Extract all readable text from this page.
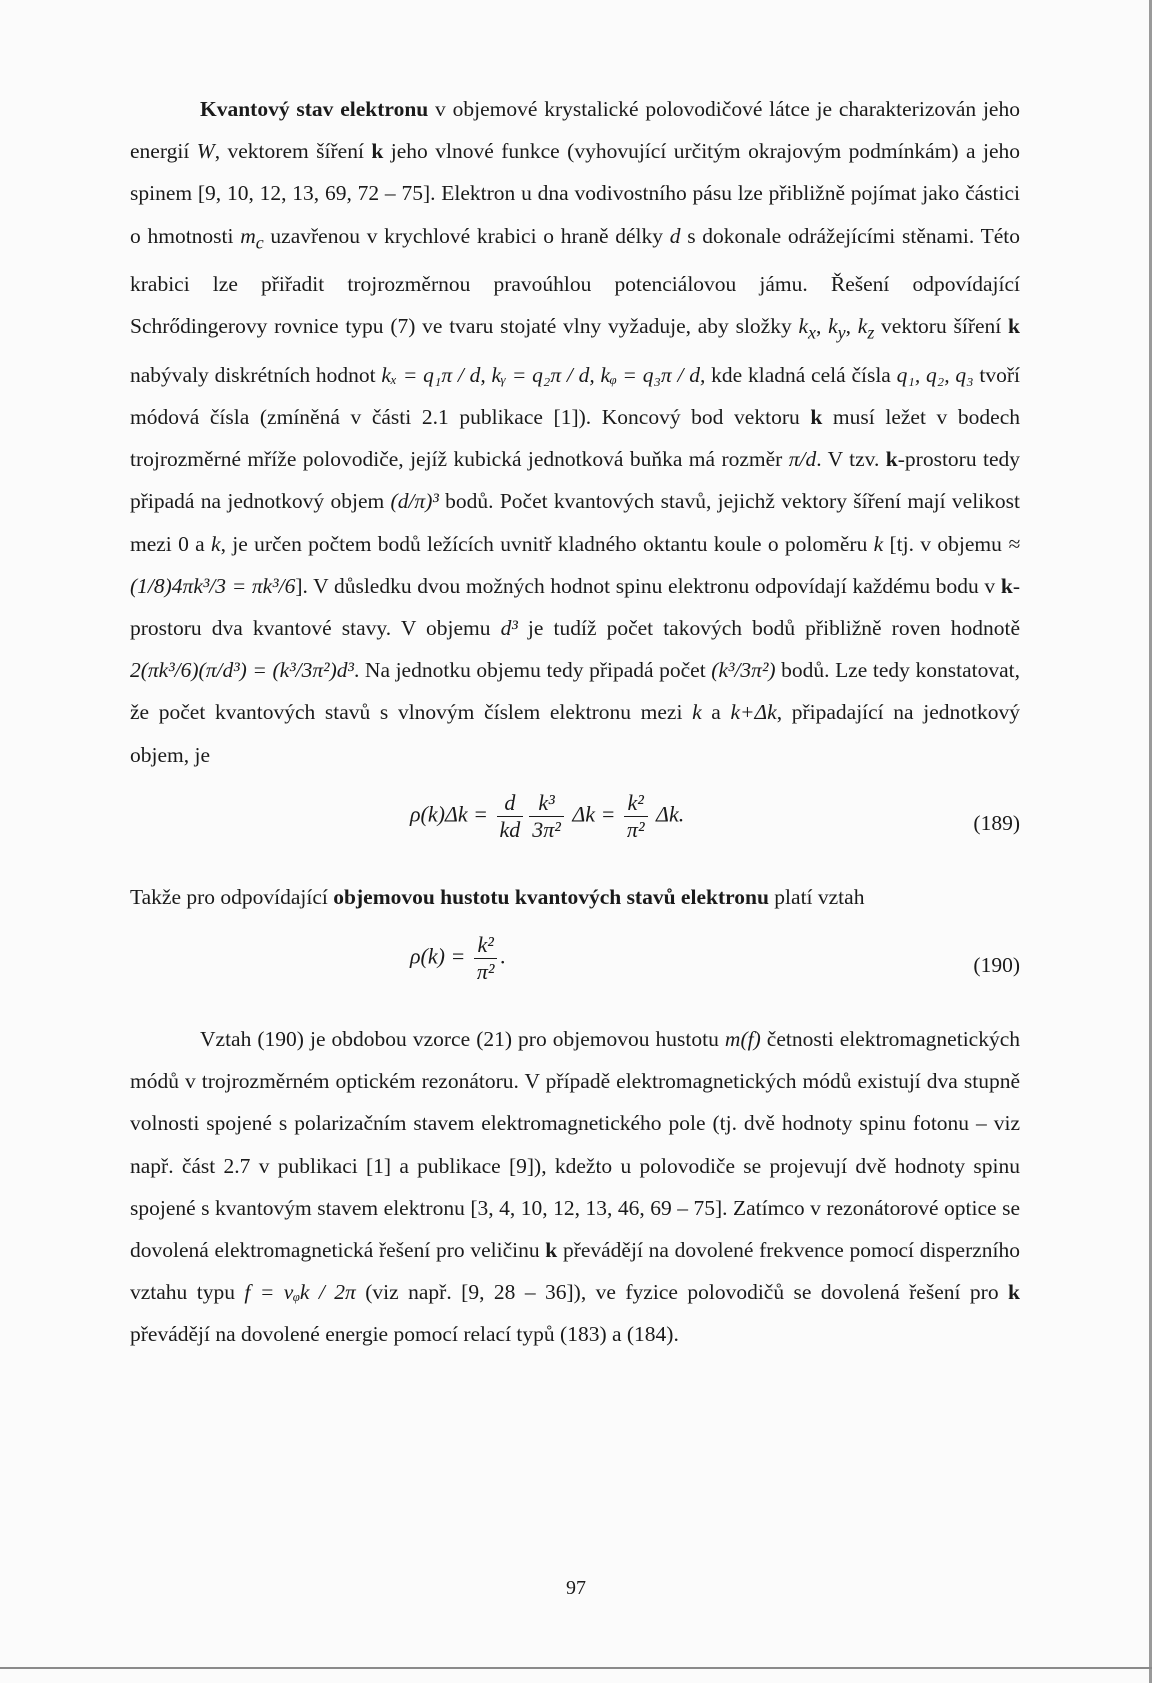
Kvantový stav elektronu v objemové krystalické polovodičové látce je charakterizován jeho energií W, vektorem šíření k jeho vlnové funkce (vyhovující určitým okrajovým podmínkám) a jeho spinem [9, 10, 12, 13, 69, 72 – 75]. Elektron u dna vodivostního pásu lze přibližně pojímat jako částici o hmotnosti $m_c$ uzavřenou v krychlové krabici o hraně délky d s dokonale odrážejícími stěnami. Této krabici lze přiřadit trojrozměrnou pravoúhlou potenciálovou jámu. Řešení odpovídající Schrődingerovy rovnice typu (7) ve tvaru stojaté vlny vyžaduje, aby složky $k_x$, $k_y$, $k_z$ vektoru šíření k nabývaly diskrétních hodnot kₓ = q₁π / d, kᵧ = q₂π / d, kᵩ = q₃π / d, kde kladná celá čísla q₁, q₂, q₃ tvoří módová čísla (zmíněná v části 2.1 publikace [1]). Koncový bod vektoru k musí ležet v bodech trojrozměrné mříže polovodiče, jejíž kubická jednotková buňka má rozměr π/d. V tzv. k-prostoru tedy připadá na jednotkový objem (d/π)³ bodů. Počet kvantových stavů, jejichž vektory šíření mají velikost mezi 0 a k, je určen počtem bodů ležících uvnitř kladného oktantu koule o poloměru k [tj. v objemu ≈ (1/8)4πk³/3 = πk³/6]. V důsledku dvou možných hodnot spinu elektronu odpovídají každému bodu v k-prostoru dva kvantové stavy. V objemu d³ je tudíž počet takových bodů přibližně roven hodnotě 2(πk³/6)(π/d³) = (k³/3π²)d³. Na jednotku objemu tedy připadá počet (k³/3π²) bodů. Lze tedy konstatovat, že počet kvantových stavů s vlnovým číslem elektronu mezi k a k+Δk, připadající na jednotkový objem, je

$\rho(k)\Delta k = \frac{d}{kd} \frac{\text{k³}}{\text{3π²}}$ $\Delta k = \frac{\text{k²}}{\text{π²}} \Delta k$.	(189)

Takže pro odpovídající objemovou hustotu kvantových stavů elektronu platí vztah

$\rho(k) = \frac{\text{k²}}{\text{π²}}$ .	(190)

Vztah (190) je obdobou vzorce (21) pro objemovou hustotu m(f) četnosti elektromagnetických módů v trojrozměrném optickém rezonátoru. V případě elektromagnetických módů existují dva stupně volnosti spojené s polarizačním stavem elektromagnetického pole (tj. dvě hodnoty spinu fotonu – viz např. část 2.7 v publikaci [1] a publikace [9]), kdežto u polovodiče se projevují dvě hodnoty spinu spojené s kvantovým stavem elektronu [3, 4, 10, 12, 13, 46, 69 – 75]. Zatímco v rezonátorové optice se dovolená elektromagnetická řešení pro veličinu k převádějí na dovolené frekvence pomocí disperzního vztahu typu f = vᵩk / 2π (viz např. [9, 28 – 36]), ve fyzice polovodičů se dovolená řešení pro k převádějí na dovolené energie pomocí relací typů (183) a (184).

97
